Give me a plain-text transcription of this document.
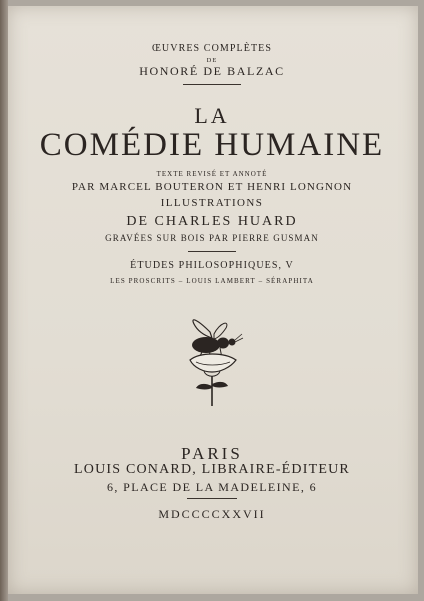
ŒUVRES COMPLÈTES
DE
HONORÉ DE BALZAC
LA
COMÉDIE HUMAINE
TEXTE REVISÉ ET ANNOTÉ
PAR MARCEL BOUTERON ET HENRI LONGNON
ILLUSTRATIONS
DE CHARLES HUARD
GRAVÉES SUR BOIS PAR PIERRE GUSMAN
ÉTUDES PHILOSOPHIQUES, V
LES PROSCRITS – LOUIS LAMBERT – SÉRAPHITA
PARIS
LOUIS CONARD, LIBRAIRE-ÉDITEUR
6, PLACE DE LA MADELEINE, 6
MDCCCCXXVII
